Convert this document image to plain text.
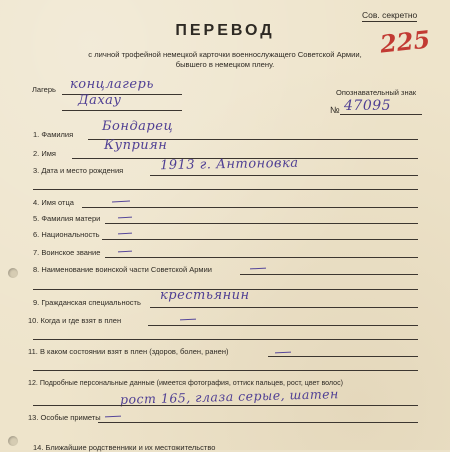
Сов. секретно
225
ПЕРЕВОД
с личной трофейной немецкой карточки военнослужащего Советской Армии,
бывшего в немецком плену.
Лагерь концлагерь
Дахау
Опознавательный знак
№ 47095
1. Фамилия
Бондарец
2. Имя
Куприян
3. Дата и место рождения	1913 г. Антоновка
4. Имя отца
5. Фамилия матери
6. Национальность
7. Воинское звание
8. Наименование воинской части Советской Армии
9. Гражданская специальность крестьянин
10. Когда и где взят в плен
11. В каком состоянии взят в плен (здоров, болен, ранен)
12. Подробные персональные данные (имеется фотография, оттиск пальцев, рост, цвет волос)
рост 165, глаза серые, шатен
13. Особые приметы
14. Ближайшие родственники и их местожительство
